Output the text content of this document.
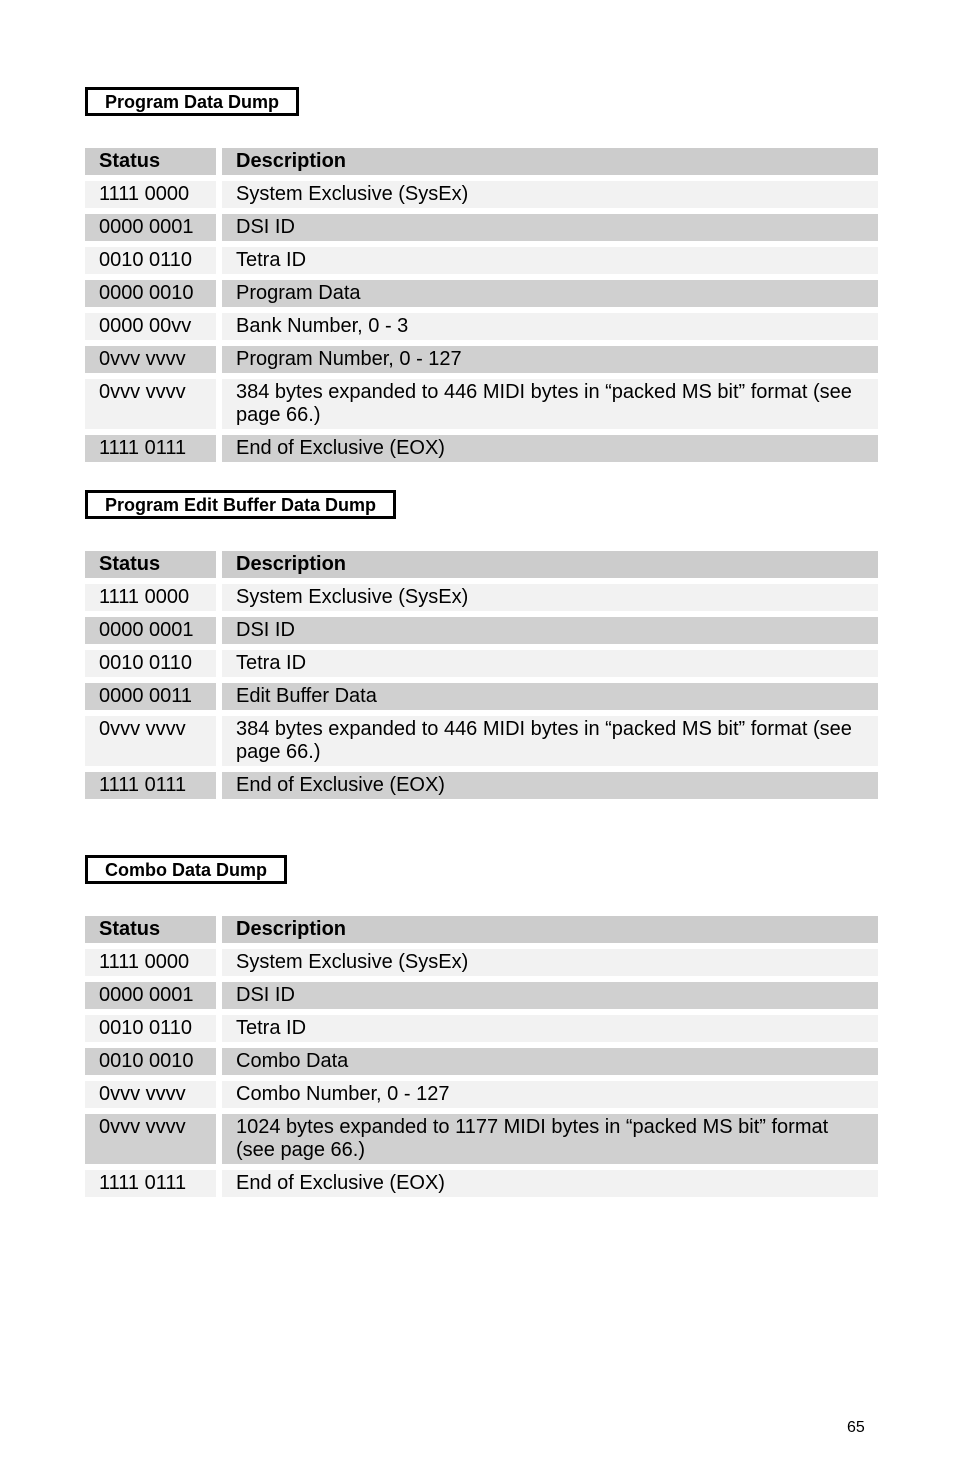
Program Data Dump
Status		Description
1111 0000		System Exclusive (SysEx)
0000 0001		DSI ID
0010 0110		Tetra ID
0000 0010		Program Data
0000 00vv		Bank Number, 0 - 3
0vvv vvvv		Program Number, 0 - 127
0vvv vvvv		384 bytes expanded to 446 MIDI bytes in “packed MS bit” format (see page 66.)
1111 0111		End of Exclusive (EOX)
Program Edit Buffer Data Dump
Status		Description
1111 0000		System Exclusive (SysEx)
0000 0001		DSI ID
0010 0110		Tetra ID
0000 0011		Edit Buffer Data
0vvv vvvv		384 bytes expanded to 446 MIDI bytes in “packed MS bit” format (see page 66.)
1111 0111		End of Exclusive (EOX)
Combo Data Dump
Status		Description
1111 0000		System Exclusive (SysEx)
0000 0001		DSI ID
0010 0110		Tetra ID
0010 0010		Combo Data
0vvv vvvv		Combo Number, 0 - 127
0vvv vvvv		1024 bytes expanded to 1177 MIDI bytes in “packed MS bit” format (see page 66.)
1111 0111		End of Exclusive (EOX)
65
